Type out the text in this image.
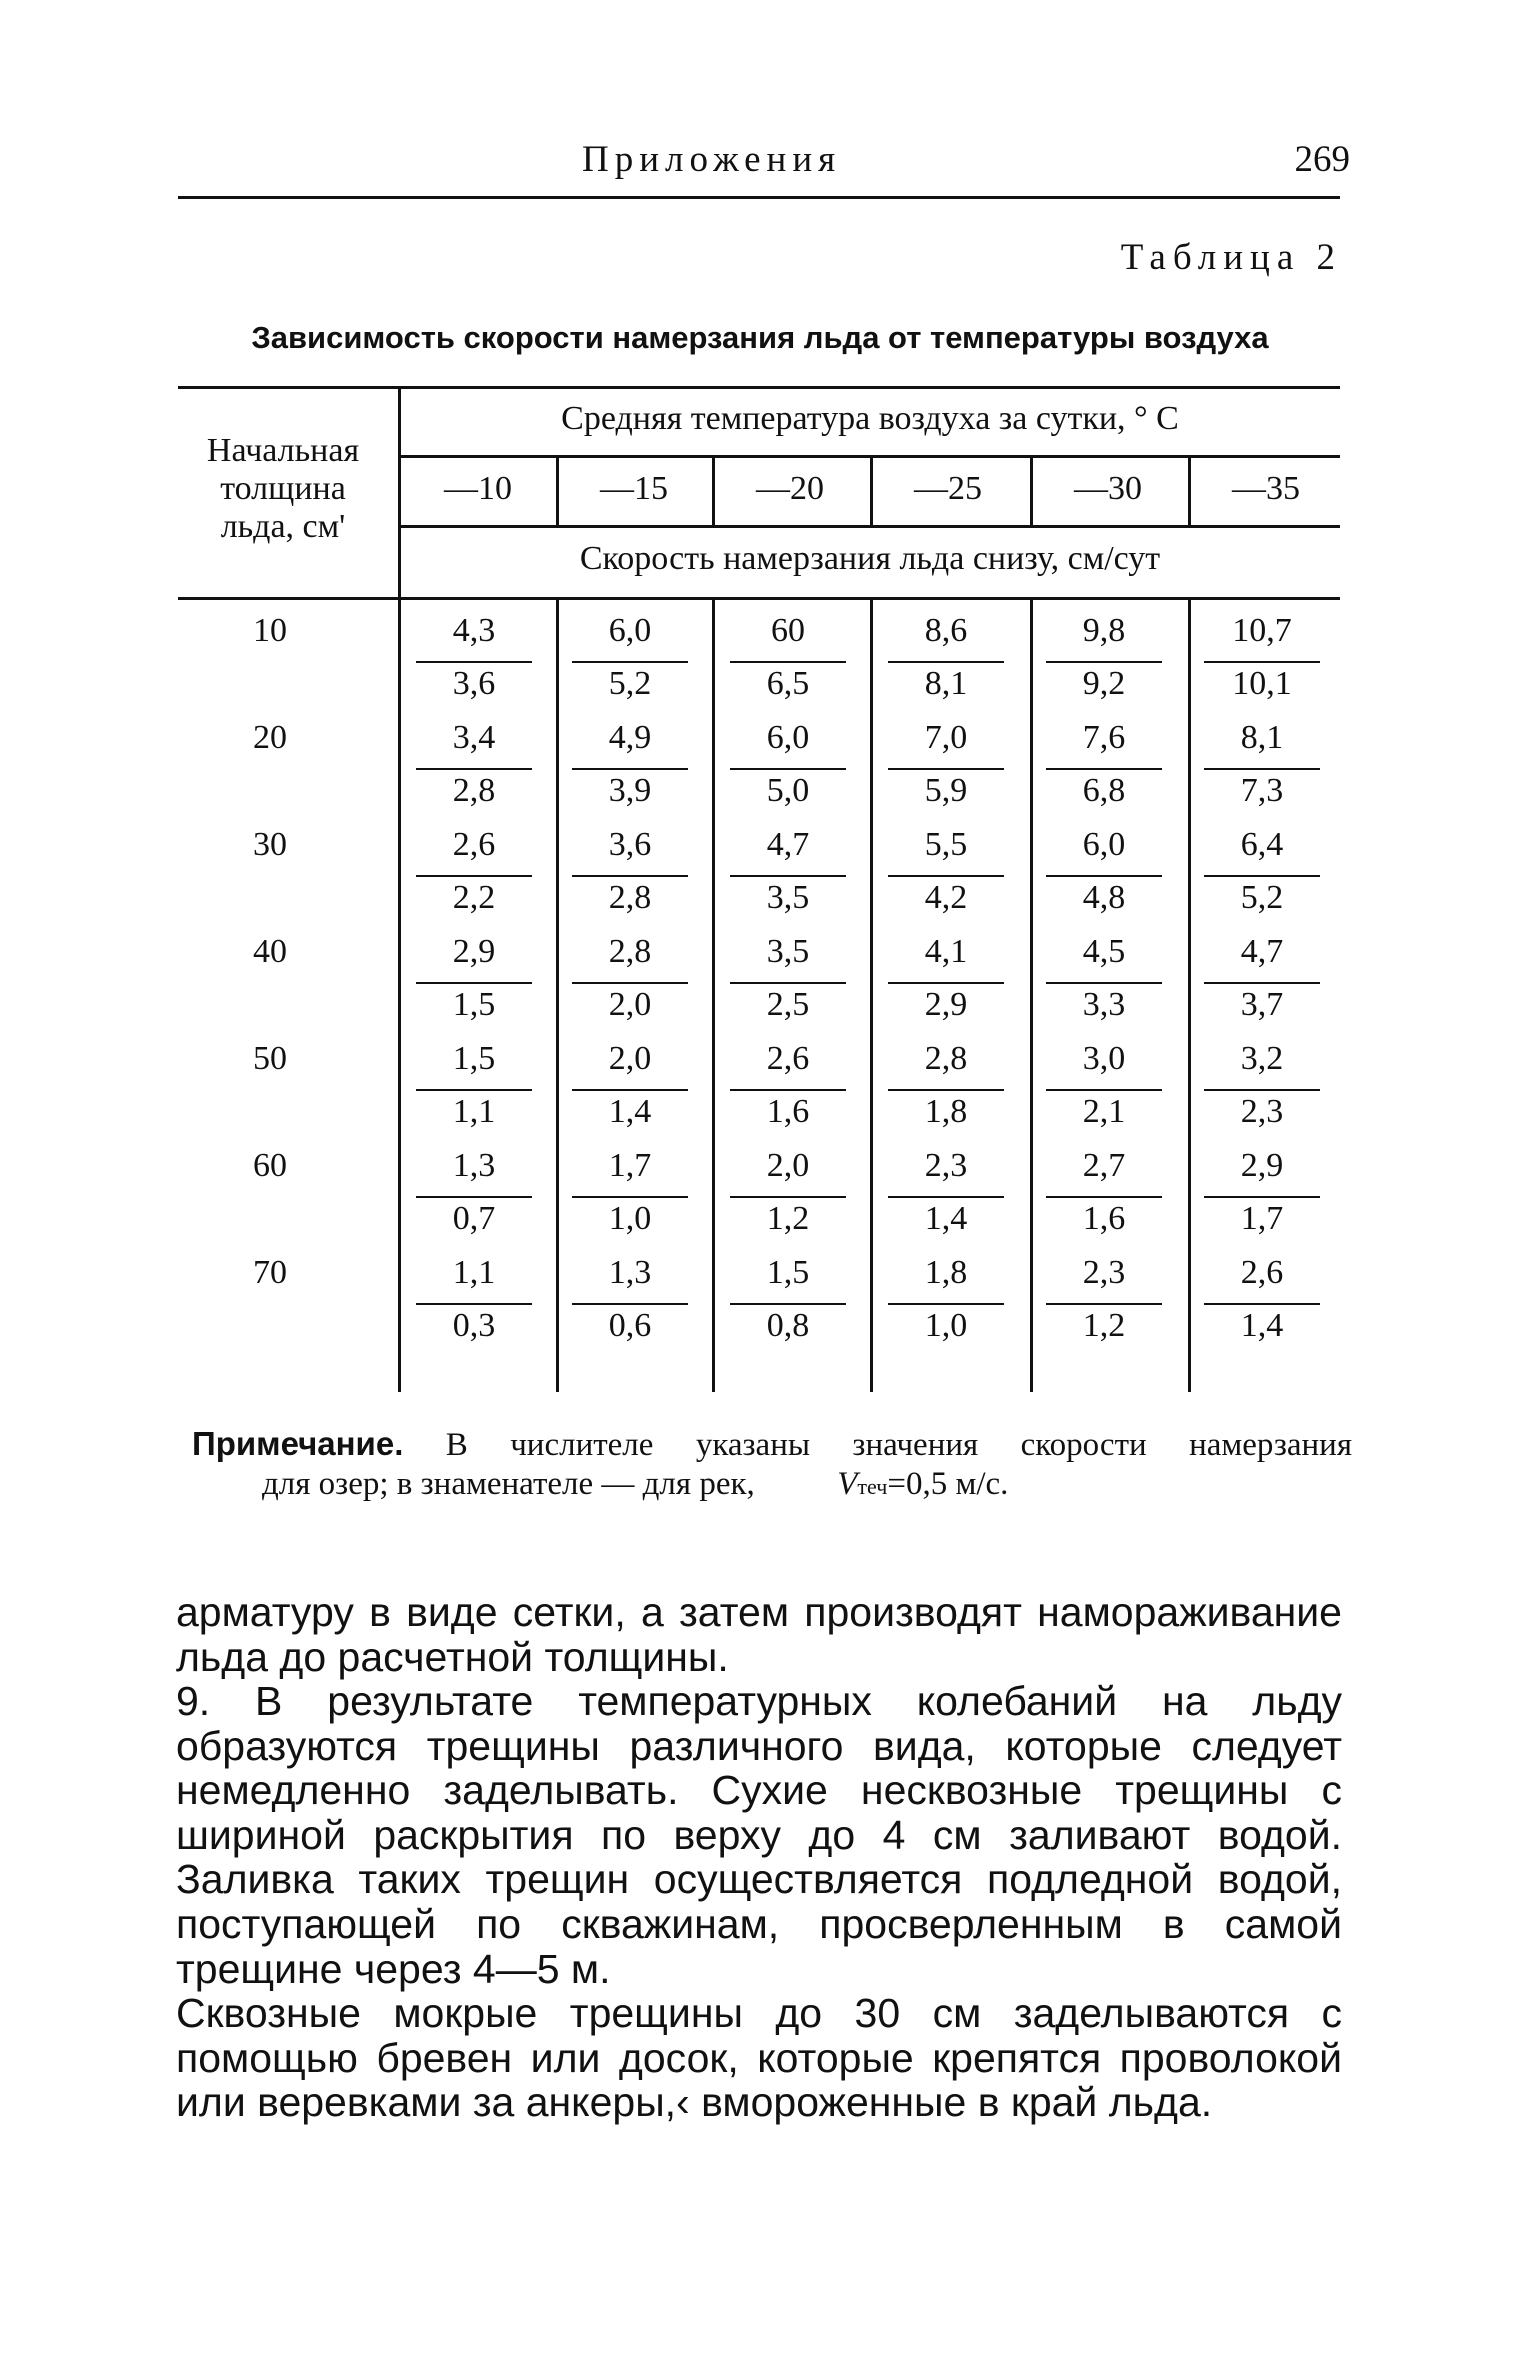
Приложения	269
Таблица 2
Зависимость скорости намерзания льда от температуры воздуха
Начальная
толщина
льда, см'
Средняя температура воздуха за сутки, ° С
Скорость намерзания льда снизу, см/сут
—10	—15	—20	—25	—30	—35
10	4,3	6,0	60	8,6	9,8	10,7
3,6	5,2	6,5	8,1	9,2	10,1
20	3,4	4,9	6,0	7,0	7,6	8,1
2,8	3,9	5,0	5,9	6,8	7,3
30	2,6	3,6	4,7	5,5	6,0	6,4
2,2	2,8	3,5	4,2	4,8	5,2
40	2,9	2,8	3,5	4,1	4,5	4,7
1,5	2,0	2,5	2,9	3,3	3,7
50	1,5	2,0	2,6	2,8	3,0	3,2
1,1	1,4	1,6	1,8	2,1	2,3
60	1,3	1,7	2,0	2,3	2,7	2,9
0,7	1,0	1,2	1,4	1,6	1,7
70	1,1	1,3	1,5	1,8	2,3	2,6
0,3	0,6	0,8	1,0	1,2	1,4
Примечание. В числителе указаны значения скорости намерзания
для озер; в знаменателе — для рек,	Vтеч=0,5 м/с.

арматуру в виде сетки, а затем производят намораживание льда до расчетной толщины.

9. В результате температурных колебаний на льду образуются трещины различного вида, которые следует немедленно заделывать. Сухие несквозные трещины с шириной раскрытия по верху до 4 см заливают водой. Заливка таких трещин осуществляется подледной водой, поступающей по скважинам, просверленным в самой трещине через 4—5 м.

Сквозные мокрые трещины до 30 см заделываются с помощью бревен или досок, которые крепятся проволокой или веревками за анкеры,‹ вмороженные в край льда.
